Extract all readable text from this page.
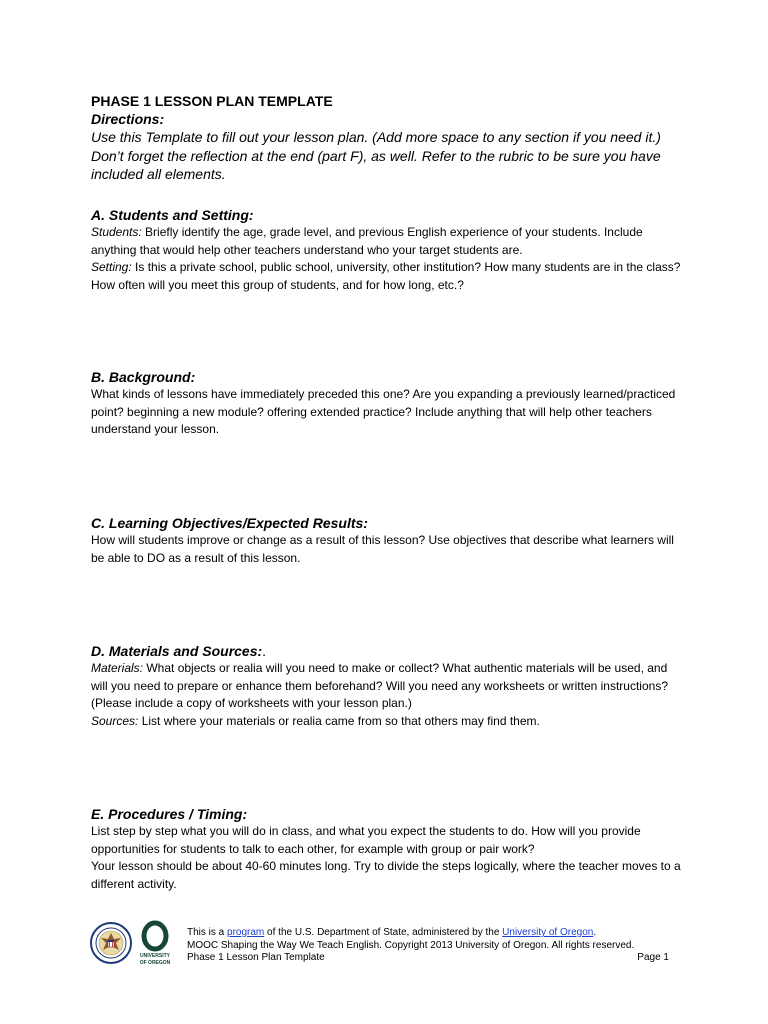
PHASE 1 LESSON PLAN TEMPLATE
Directions:
Use this Template to fill out your lesson plan. (Add more space to any section if you need it.) Don’t forget the reflection at the end (part F), as well. Refer to the rubric to be sure you have included all elements.
A. Students and Setting:
Students: Briefly identify the age, grade level, and previous English experience of your students. Include anything that would help other teachers understand who your target students are.
Setting: Is this a private school, public school, university, other institution? How many students are in the class? How often will you meet this group of students, and for how long, etc.?
B. Background:
What kinds of lessons have immediately preceded this one? Are you expanding a previously learned/practiced point? beginning a new module? offering extended practice? Include anything that will help other teachers understand your lesson.
C. Learning Objectives/Expected Results:
How will students improve or change as a result of this lesson? Use objectives that describe what learners will be able to DO as a result of this lesson.
D. Materials and Sources:.
Materials: What objects or realia will you need to make or collect? What authentic materials will be used, and will you need to prepare or enhance them beforehand? Will you need any worksheets or written instructions? (Please include a copy of worksheets with your lesson plan.)
Sources: List where your materials or realia came from so that others may find them.
E. Procedures / Timing:
List step by step what you will do in class, and what you expect the students to do. How will you provide opportunities for students to talk to each other, for example with group or pair work?
Your lesson should be about 40-60 minutes long. Try to divide the steps logically, where the teacher moves to a different activity.
UNIVERSITY
OF OREGON
This is a program of the U.S. Department of State, administered by the University of Oregon.
MOOC Shaping the Way We Teach English. Copyright 2013 University of Oregon. All rights reserved.
Phase 1 Lesson Plan Template	Page 1
